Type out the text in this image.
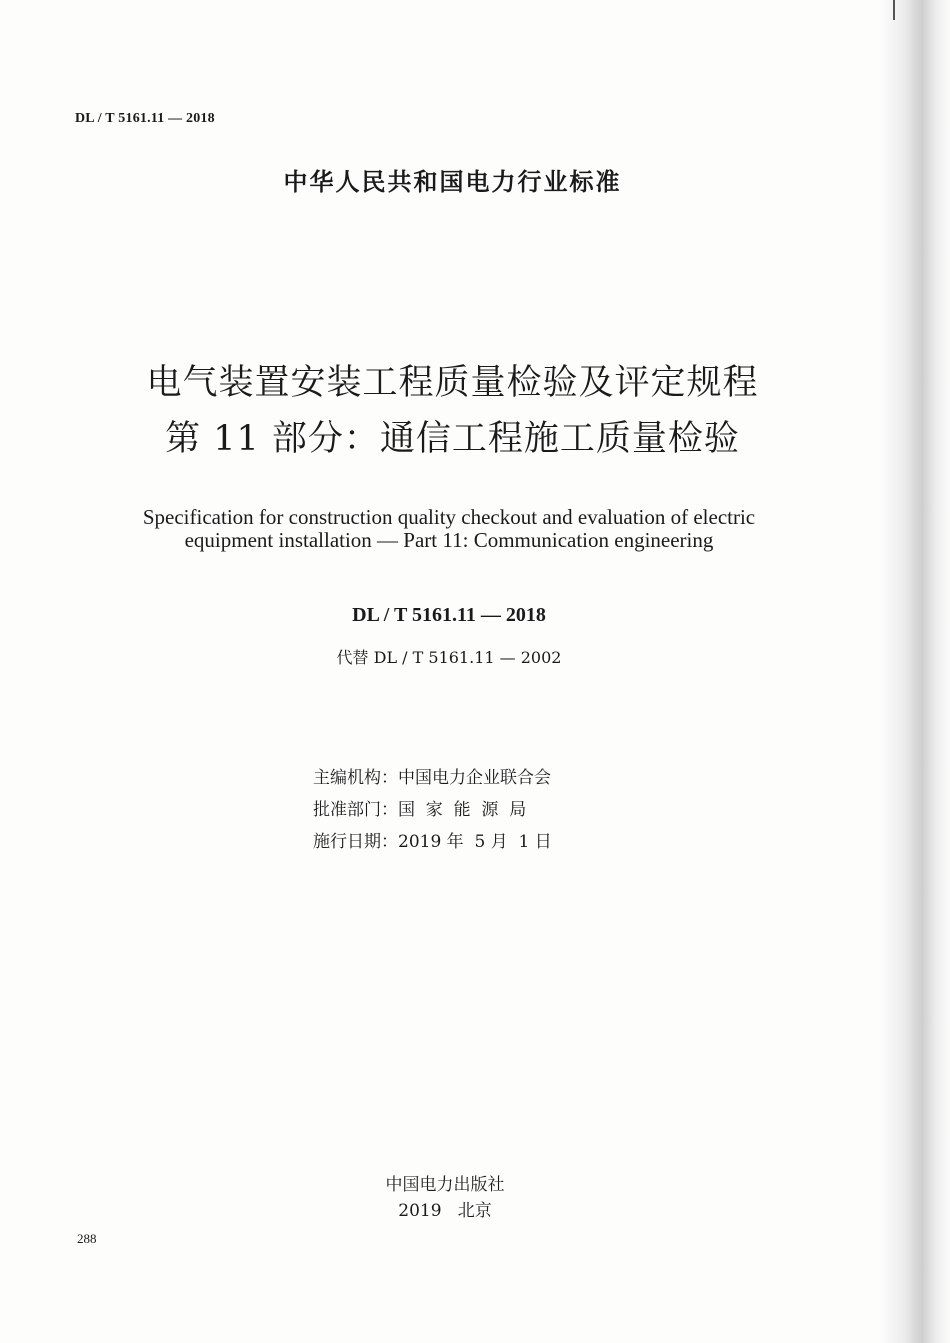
DL / T 5161.11 — 2018
中华人民共和国电力行业标准
电气装置安装工程质量检验及评定规程
第 11 部分：通信工程施工质量检验
Specification for construction quality checkout and evaluation of electric
equipment installation — Part 11: Communication engineering
DL / T 5161.11 — 2018
代替 DL / T 5161.11 — 2002
主编机构：中国电力企业联合会
批准部门：国  家  能  源  局
施行日期：2019 年  5 月  1 日
中国电力出版社
2019   北京
288
